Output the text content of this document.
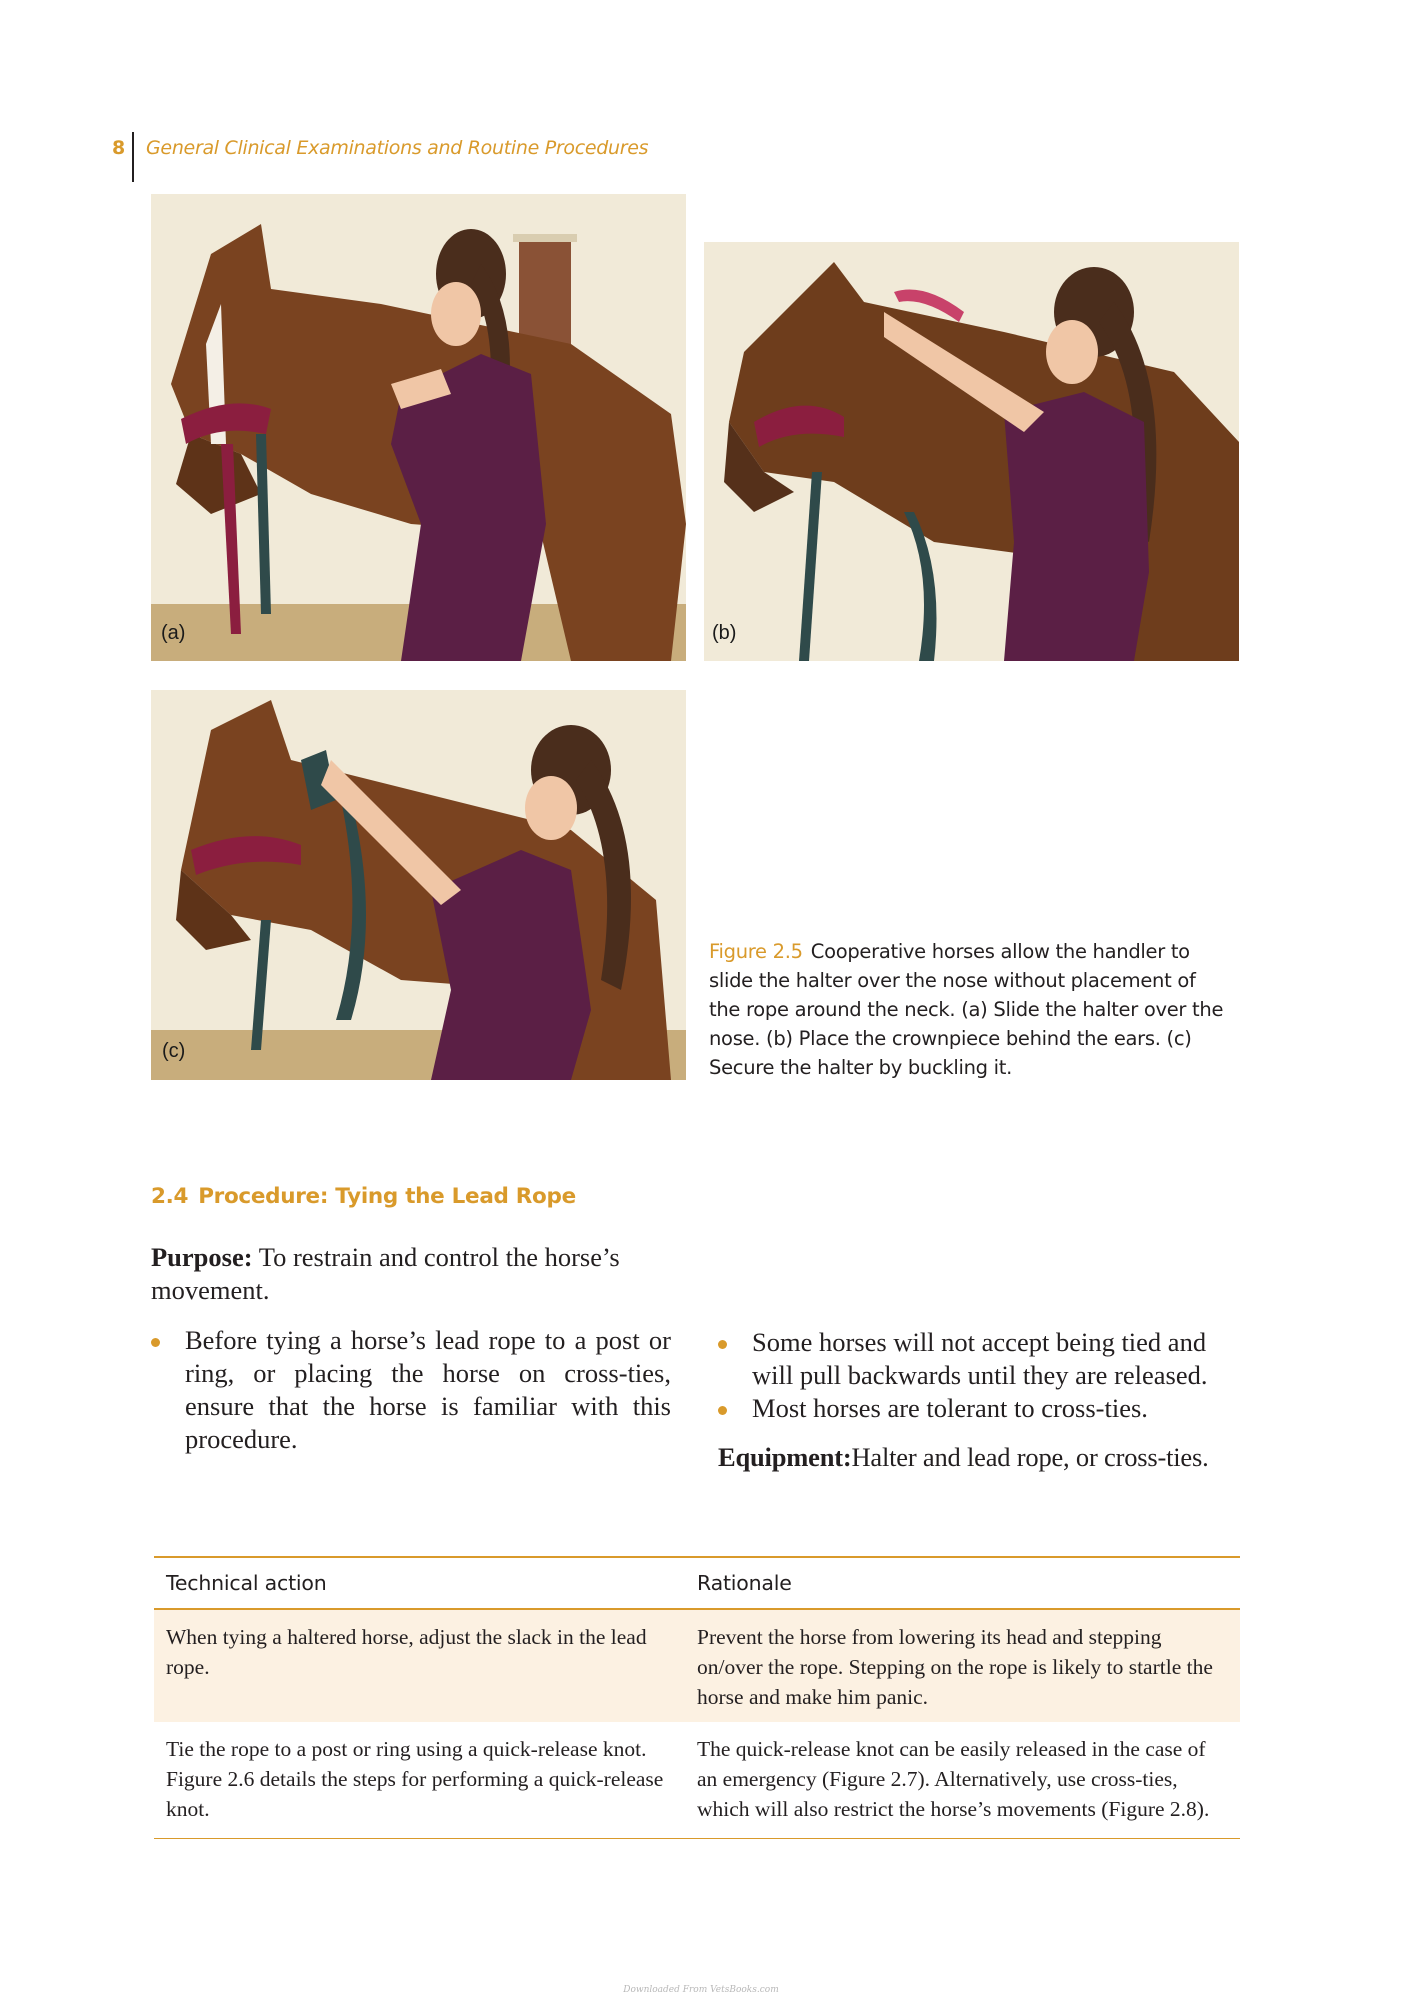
8 General Clinical Examinations and Routine Procedures
(a)	(b)
(c)
Figure 2.5 Cooperative horses allow the handler to slide the halter over the nose without placement of the rope around the neck. (a) Slide the halter over the nose. (b) Place the crownpiece behind the ears. (c) Secure the halter by buckling it.
2.4 Procedure: Tying the Lead Rope
Purpose: To restrain and control the horse’s movement.
Before tying a horse’s lead rope to a post or ring, or placing the horse on cross-ties, ensure that the horse is familiar with this procedure.
Some horses will not accept being tied and will pull backwards until they are released.
Most horses are tolerant to cross-ties.
Equipment:Halter and lead rope, or cross-ties.
Technical action	Rationale
When tying a haltered horse, adjust the slack in the lead rope.
Prevent the horse from lowering its head and stepping on/over the rope. Stepping on the rope is likely to startle the horse and make him panic.
Tie the rope to a post or ring using a quick-release knot. Figure 2.6 details the steps for performing a quick-release knot.
The quick-release knot can be easily released in the case of an emergency (Figure 2.7). Alternatively, use cross-ties, which will also restrict the horse’s movements (Figure 2.8).
Downloaded From VetsBooks.com
